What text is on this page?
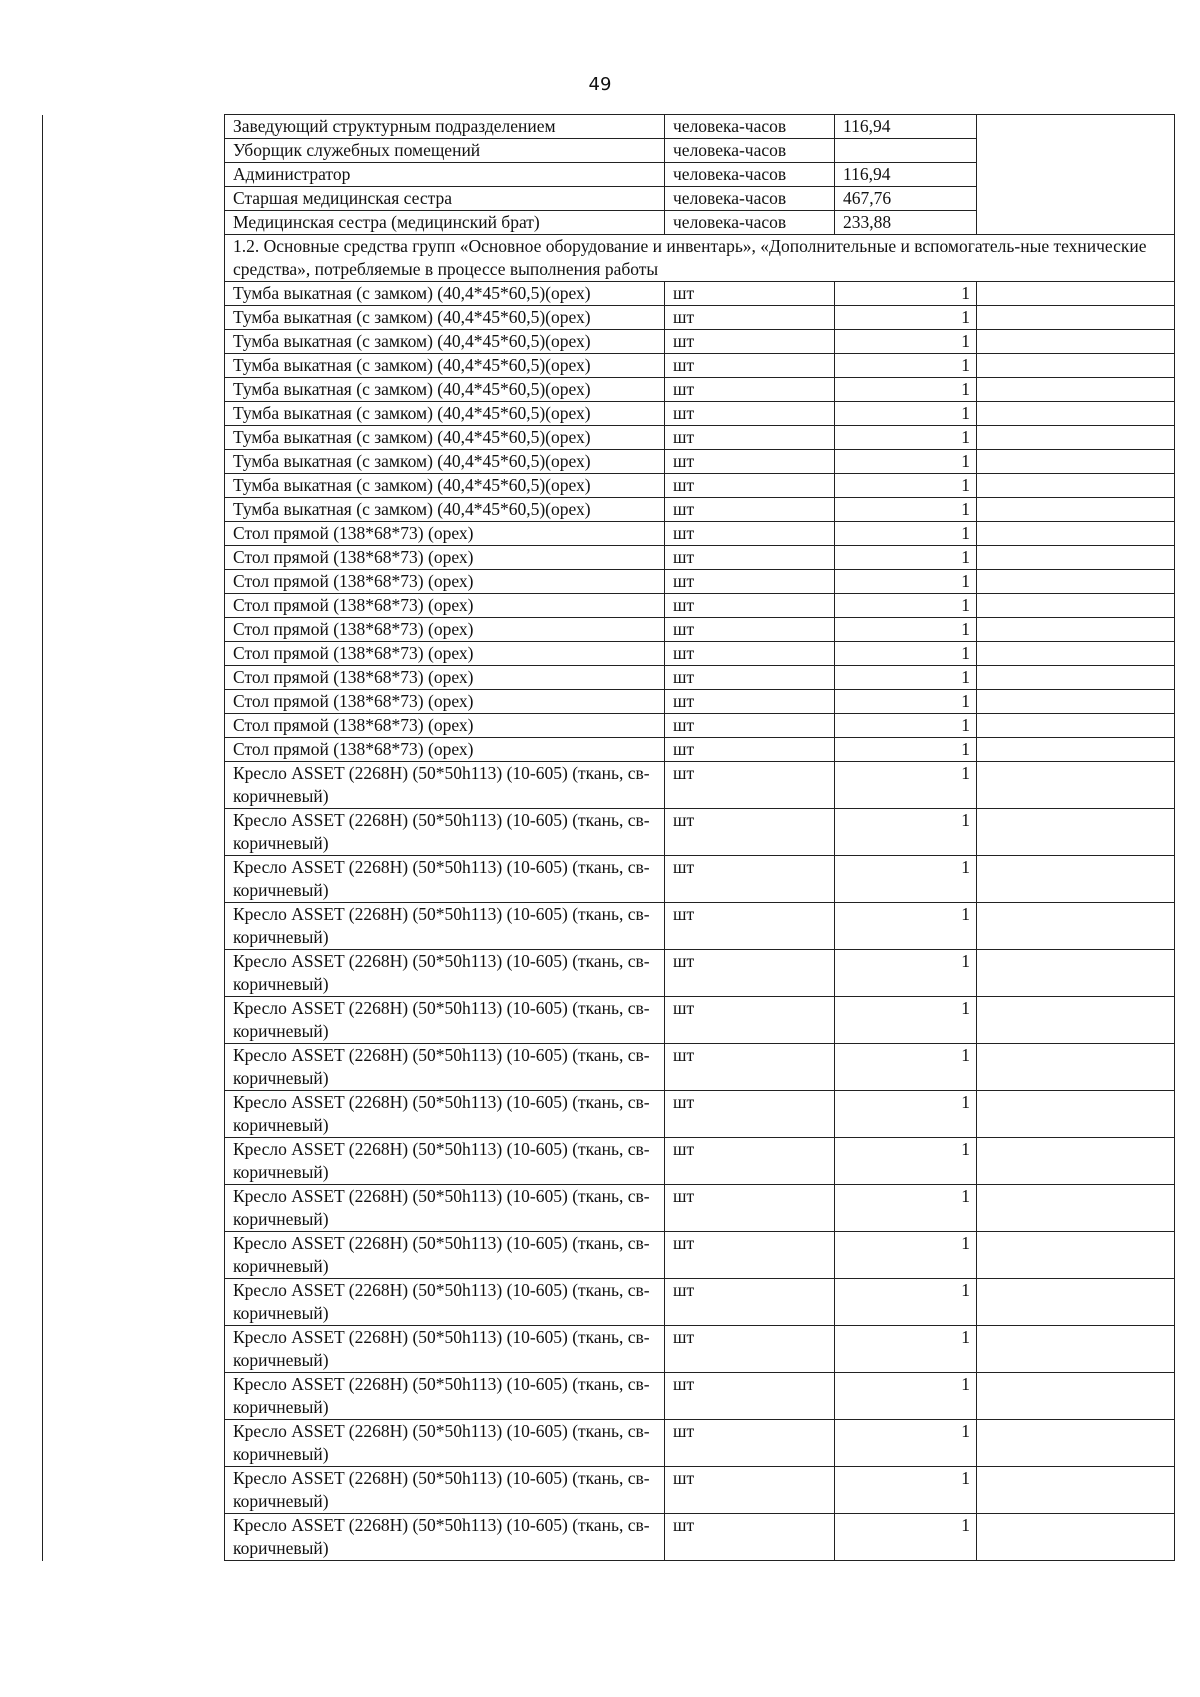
49
	Заведующий структурным подразделением	человека-часов	116,94	
	Уборщик служебных помещений	человека-часов		
	Администратор	человека-часов	116,94	
	Старшая медицинская сестра	человека-часов	467,76	
	Медицинская сестра (медицинский брат)	человека-часов	233,88	
	1.2. Основные средства групп «Основное оборудование и инвентарь», «Дополнительные и вспомогатель-ные технические средства», потребляемые в процессе выполнения работы			
	Тумба выкатная (с замком) (40,4*45*60,5)(орех)	шт	1	
	Тумба выкатная (с замком) (40,4*45*60,5)(орех)	шт	1	
	Тумба выкатная (с замком) (40,4*45*60,5)(орех)	шт	1	
	Тумба выкатная (с замком) (40,4*45*60,5)(орех)	шт	1	
	Тумба выкатная (с замком) (40,4*45*60,5)(орех)	шт	1	
	Тумба выкатная (с замком) (40,4*45*60,5)(орех)	шт	1	
	Тумба выкатная (с замком) (40,4*45*60,5)(орех)	шт	1	
	Тумба выкатная (с замком) (40,4*45*60,5)(орех)	шт	1	
	Тумба выкатная (с замком) (40,4*45*60,5)(орех)	шт	1	
	Тумба выкатная (с замком) (40,4*45*60,5)(орех)	шт	1	
	Стол прямой (138*68*73) (орех)	шт	1	
	Стол прямой (138*68*73) (орех)	шт	1	
	Стол прямой (138*68*73) (орех)	шт	1	
	Стол прямой (138*68*73) (орех)	шт	1	
	Стол прямой (138*68*73) (орех)	шт	1	
	Стол прямой (138*68*73) (орех)	шт	1	
	Стол прямой (138*68*73) (орех)	шт	1	
	Стол прямой (138*68*73) (орех)	шт	1	
	Стол прямой (138*68*73) (орех)	шт	1	
	Стол прямой (138*68*73) (орех)	шт	1	
	Кресло ASSET (2268H) (50*50h113) (10-605) (ткань, св-коричневый)	шт	1	
	Кресло ASSET (2268H) (50*50h113) (10-605) (ткань, св-коричневый)	шт	1	
	Кресло ASSET (2268H) (50*50h113) (10-605) (ткань, св-коричневый)	шт	1	
	Кресло ASSET (2268H) (50*50h113) (10-605) (ткань, св-коричневый)	шт	1	
	Кресло ASSET (2268H) (50*50h113) (10-605) (ткань, св-коричневый)	шт	1	
	Кресло ASSET (2268H) (50*50h113) (10-605) (ткань, св-коричневый)	шт	1	
	Кресло ASSET (2268H) (50*50h113) (10-605) (ткань, св-коричневый)	шт	1	
	Кресло ASSET (2268H) (50*50h113) (10-605) (ткань, св-коричневый)	шт	1	
	Кресло ASSET (2268H) (50*50h113) (10-605) (ткань, св-коричневый)	шт	1	
	Кресло ASSET (2268H) (50*50h113) (10-605) (ткань, св-коричневый)	шт	1	
	Кресло ASSET (2268H) (50*50h113) (10-605) (ткань, св-коричневый)	шт	1	
	Кресло ASSET (2268H) (50*50h113) (10-605) (ткань, св-коричневый)	шт	1	
	Кресло ASSET (2268H) (50*50h113) (10-605) (ткань, св-коричневый)	шт	1	
	Кресло ASSET (2268H) (50*50h113) (10-605) (ткань, св-коричневый)	шт	1	
	Кресло ASSET (2268H) (50*50h113) (10-605) (ткань, св-коричневый)	шт	1	
	Кресло ASSET (2268H) (50*50h113) (10-605) (ткань, св-коричневый)	шт	1	
	Кресло ASSET (2268H) (50*50h113) (10-605) (ткань, св-коричневый)	шт	1	
